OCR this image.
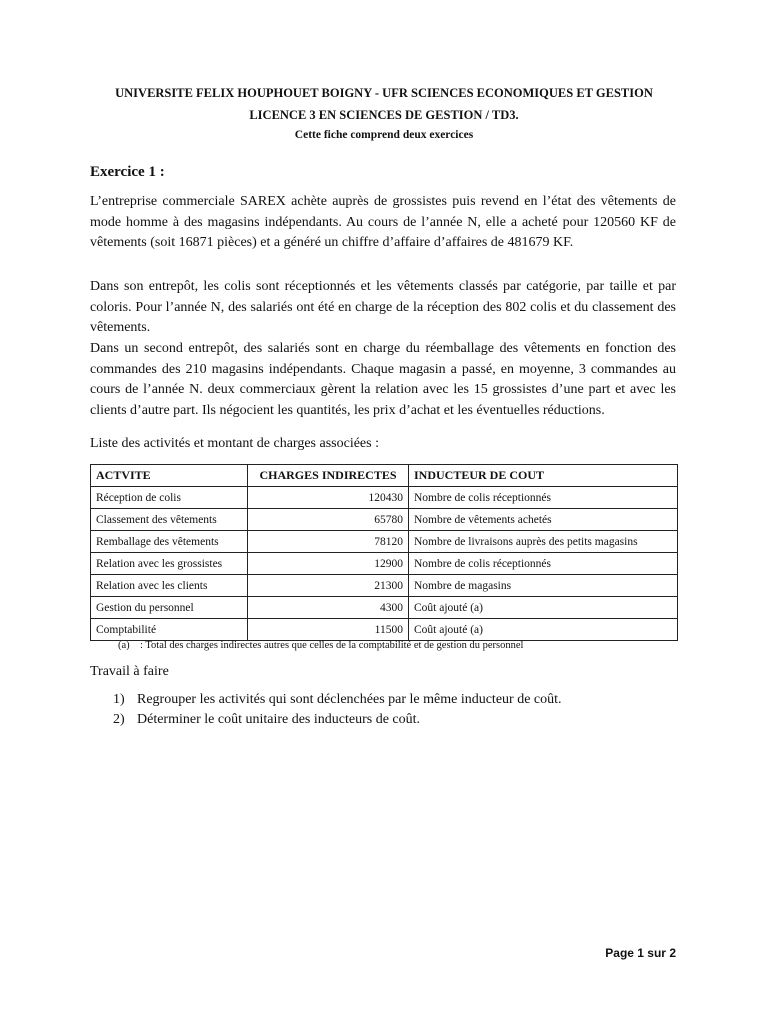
UNIVERSITE FELIX HOUPHOUET BOIGNY - UFR SCIENCES ECONOMIQUES ET GESTION
LICENCE 3 EN SCIENCES DE GESTION / TD3.
Cette fiche comprend deux exercices
Exercice 1 :

L’entreprise commerciale SAREX achète auprès de grossistes puis revend en l’état des vêtements de mode homme à des magasins indépendants. Au cours de l’année N, elle a acheté pour 120560 KF de vêtements (soit 16871 pièces) et a généré un chiffre d’affaire d’affaires de 481679 KF.

Dans son entrepôt, les colis sont réceptionnés et les vêtements classés par catégorie, par taille et par coloris. Pour l’année N, des salariés ont été en charge de la réception des 802 colis et du classement des vêtements.

Dans un second entrepôt, des salariés sont en charge du réemballage des vêtements en fonction des commandes des 210 magasins indépendants. Chaque magasin a passé, en moyenne, 3 commandes au cours de l’année N. deux commerciaux gèrent la relation avec les 15 grossistes d’une part et avec les clients d’autre part. Ils négocient les quantités, les prix d’achat et les éventuelles réductions.

Liste des activités et montant de charges associées :
ACTVITE	CHARGES INDIRECTES	INDUCTEUR DE COUT
Réception de colis	120430	Nombre de colis réceptionnés
Classement des vêtements	65780	Nombre de vêtements achetés
Remballage des vêtements	78120	Nombre de livraisons auprès des petits magasins
Relation avec les grossistes	12900	Nombre de colis réceptionnés
Relation avec les clients	21300	Nombre de magasins
Gestion du personnel	4300	Coût ajouté (a)
Comptabilité	11500	Coût ajouté (a)
(a) : Total des charges indirectes autres que celles de la comptabilité et de gestion du personnel
Travail à faire
1) Regrouper les activités qui sont déclenchées par le même inducteur de coût.
2) Déterminer le coût unitaire des inducteurs de coût.
Page 1 sur 2
